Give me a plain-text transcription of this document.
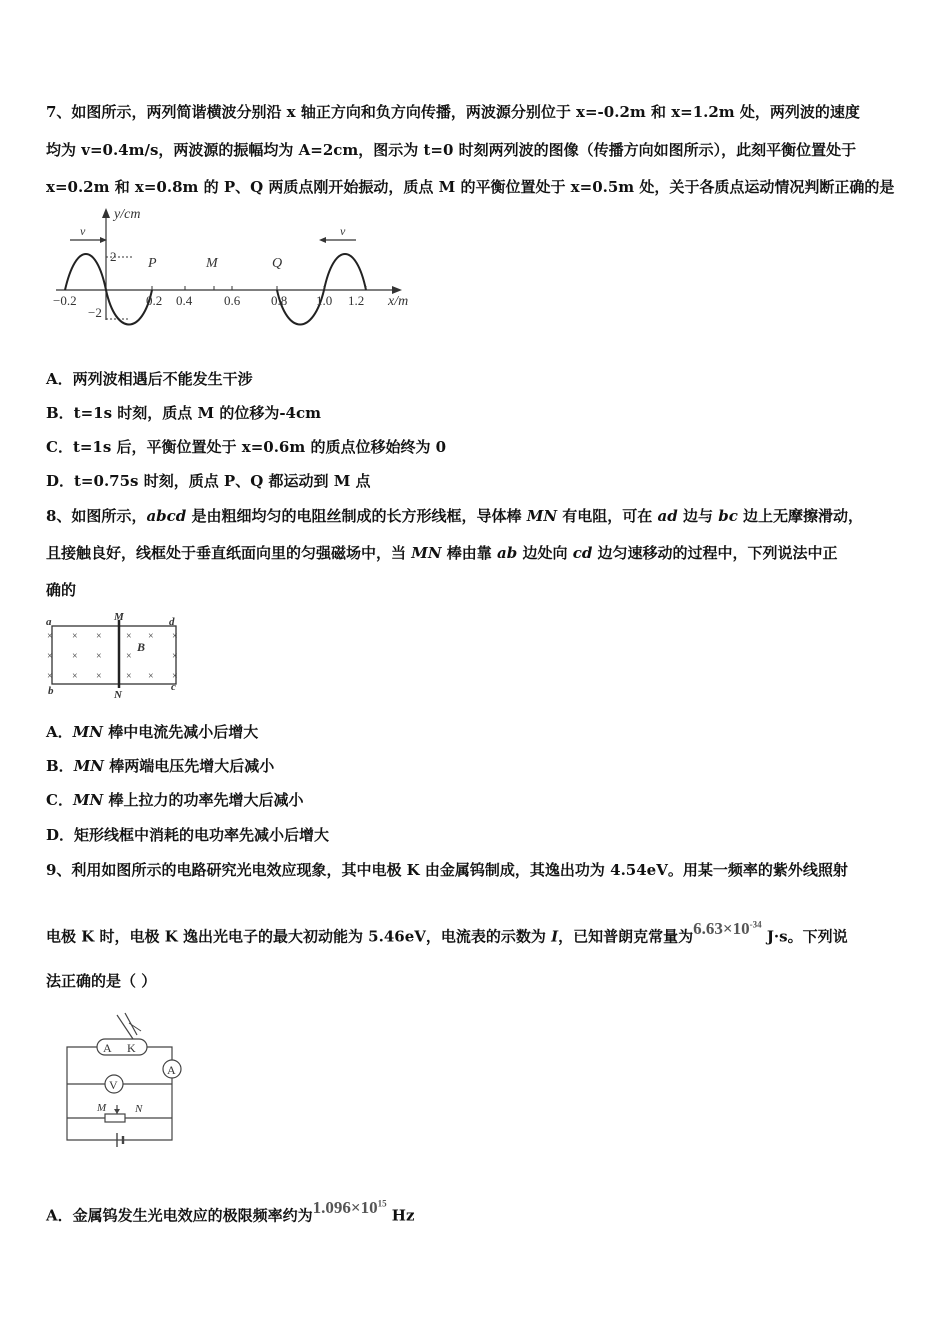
7、如图所示，两列简谐横波分别沿 x 轴正方向和负方向传播，两波源分别位于 x=-0.2m 和 x=1.2m 处，两列波的速度
均为 v=0.4m/s，两波源的振幅均为 A=2cm，图示为 t=0 时刻两列波的图像（传播方向如图所示），此刻平衡位置处于
x=0.2m 和 x=0.8m 的 P、Q 两质点刚开始振动，质点 M 的平衡位置处于 x=0.5m 处，关于各质点运动情况判断正确的是
y/cm
x/m
2
−2
−0.2	0.2 0.4 0.6 0.8 1.0 1.2
P	M	Q
v	v
A．两列波相遇后不能发生干涉
B．t=1s 时刻，质点 M 的位移为-4cm
C．t=1s 后，平衡位置处于 x=0.6m 的质点位移始终为 0
D．t=0.75s 时刻，质点 P、Q 都运动到 M 点
8、如图所示，abcd 是由粗细均匀的电阻丝制成的长方形线框，导体棒 MN 有电阻，可在 ad 边与 bc 边上无摩擦滑动，
且接触良好，线框处于垂直纸面向里的匀强磁场中，当 MN 棒由靠 ab 边处向 cd 边匀速移动的过程中，下列说法中正
确的
a
b	c
d
M
N
B
× × × × × ×
× × × ×	×
× × × × × ×
A．MN 棒中电流先减小后增大
B．MN 棒两端电压先增大后减小
C．MN 棒上拉力的功率先增大后减小
D．矩形线框中消耗的电功率先减小后增大
9、利用如图所示的电路研究光电效应现象，其中电极 K 由金属钨制成，其逸出功为 4.54eV。用某一频率的紫外线照射
电极 K 时，电极 K 逸出光电子的最大初动能为 5.46eV，电流表的示数为 I，已知普朗克常量为$6.63\times 10^{-34}$ J·s。下列说
法正确的是（ ）
A K
A
V
M	N
A．金属钨发生光电效应的极限频率约为$1.096\times 10^{15}$ Hz
